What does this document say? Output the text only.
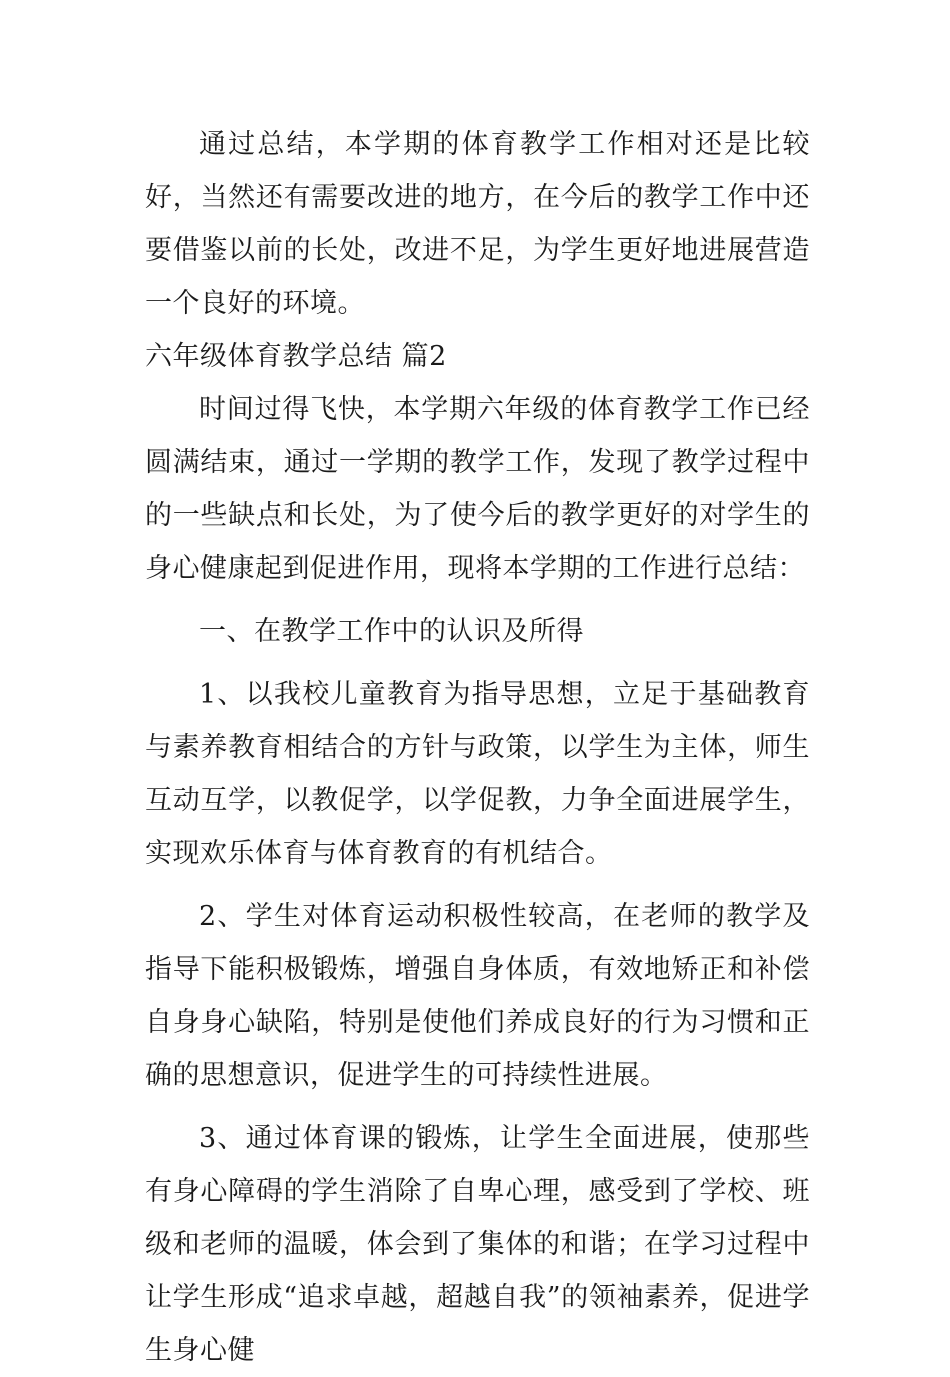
通过总结，本学期的体育教学工作相对还是比较好，当然还有需要改进的地方，在今后的教学工作中还要借鉴以前的长处，改进不足，为学生更好地进展营造一个良好的环境。

六年级体育教学总结 篇2

时间过得飞快，本学期六年级的体育教学工作已经圆满结束，通过一学期的教学工作，发现了教学过程中的一些缺点和长处，为了使今后的教学更好的对学生的身心健康起到促进作用，现将本学期的工作进行总结：

一、在教学工作中的认识及所得

1、以我校儿童教育为指导思想，立足于基础教育与素养教育相结合的方针与政策，以学生为主体，师生互动互学，以教促学，以学促教，力争全面进展学生，实现欢乐体育与体育教育的有机结合。

2、学生对体育运动积极性较高，在老师的教学及指导下能积极锻炼，增强自身体质，有效地矫正和补偿自身身心缺陷，特别是使他们养成良好的行为习惯和正确的思想意识，促进学生的可持续性进展。

3、通过体育课的锻炼，让学生全面进展，使那些有身心障碍的学生消除了自卑心理，感受到了学校、班级和老师的温暖，体会到了集体的和谐；在学习过程中让学生形成“追求卓越，超越自我”的领袖素养，促进学生身心健
